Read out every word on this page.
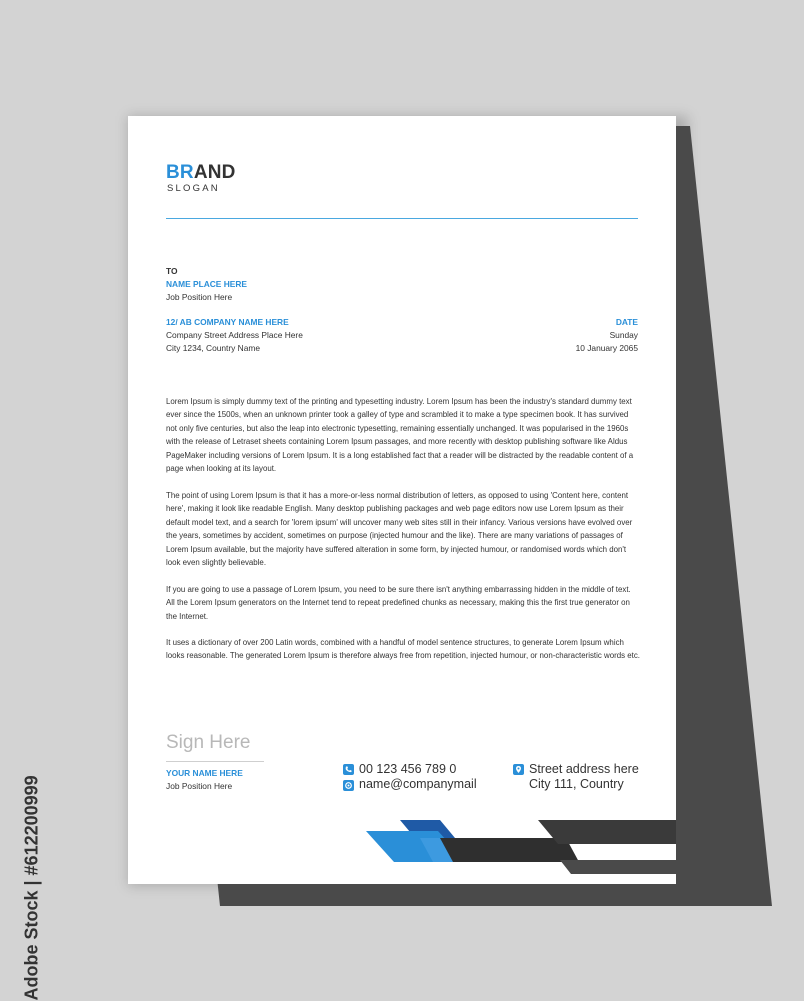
BRAND
SLOGAN
TO
NAME PLACE HERE
Job Position Here
12/ AB COMPANY NAME HERE
Company Street Address Place Here
City 1234, Country Name
DATE
Sunday
10 January 2065
Lorem Ipsum is simply dummy text of the printing and typesetting industry. Lorem Ipsum has been the industry's standard dummy text ever since the 1500s, when an unknown printer took a galley of type and scrambled it to make a type specimen book. It has survived not only five centuries, but also the leap into electronic typesetting, remaining essentially unchanged. It was popularised in the 1960s with the release of Letraset sheets containing Lorem Ipsum passages, and more recently with desktop publishing software like Aldus PageMaker including versions of Lorem Ipsum. It is a long established fact that a reader will be distracted by the readable content of a page when looking at its layout.
The point of using Lorem Ipsum is that it has a more-or-less normal distribution of letters, as opposed to using 'Content here, content here', making it look like readable English. Many desktop publishing packages and web page editors now use Lorem Ipsum as their default model text, and a search for 'lorem ipsum' will uncover many web sites still in their infancy. Various versions have evolved over the years, sometimes by accident, sometimes on purpose (injected humour and the like). There are many variations of passages of Lorem Ipsum available, but the majority have suffered alteration in some form, by injected humour, or randomised words which don't look even slightly believable.
If you are going to use a passage of Lorem Ipsum, you need to be sure there isn't anything embarrassing hidden in the middle of text. All the Lorem Ipsum generators on the Internet tend to repeat predefined chunks as necessary, making this the first true generator on the Internet.
It uses a dictionary of over 200 Latin words, combined with a handful of model sentence structures, to generate Lorem Ipsum which looks reasonable. The generated Lorem Ipsum is therefore always free from repetition, injected humour, or non-characteristic words etc.
Sign Here
YOUR NAME HERE
Job Position Here
00 123 456 789 0
name@companymail
Street address here
City 111, Country
Adobe Stock | #612200999
